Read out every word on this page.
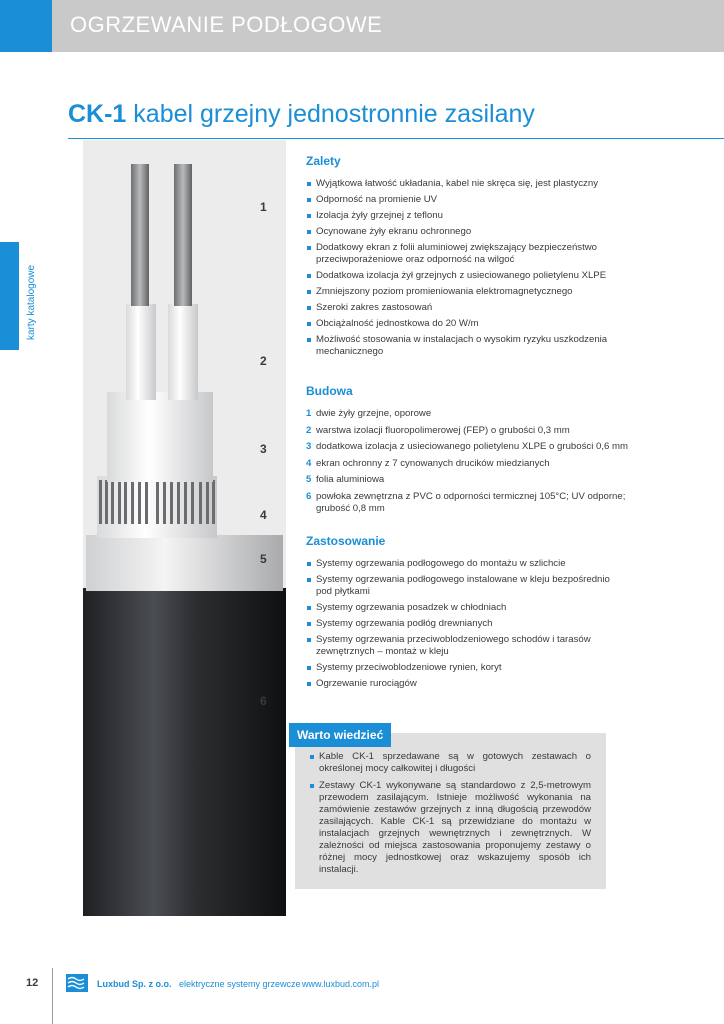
OGRZEWANIE PODŁOGOWE
CK-1 kabel grzejny jednostronnie zasilany
karty katalogowe
1
2
3
4
5
6
Zalety
Wyjątkowa łatwość układania, kabel nie skręca się, jest plastyczny
Odporność na promienie UV
Izolacja żyły grzejnej z teflonu
Ocynowane żyły ekranu ochronnego
Dodatkowy ekran z folii aluminiowej zwiększający bezpieczeństwo przeciwporażeniowe oraz odporność na wilgoć
Dodatkowa izolacja żył grzejnych z usieciowanego polietylenu XLPE
Zmniejszony poziom promieniowania elektromagnetycznego
Szeroki zakres zastosowań
Obciążalność jednostkowa do 20 W/m
Możliwość stosowania w instalacjach o wysokim ryzyku uszkodzenia mechanicznego
Budowa
1 dwie żyły grzejne, oporowe
2 warstwa izolacji fluoropolimerowej (FEP) o grubości 0,3 mm
3 dodatkowa izolacja z usieciowanego polietylenu XLPE o grubości 0,6 mm
4 ekran ochronny z 7 cynowanych drucików miedzianych
5 folia aluminiowa
6 powłoka zewnętrzna z PVC o odporności termicznej 105°C; UV odporne; grubość 0,8 mm
Zastosowanie
Systemy ogrzewania podłogowego do montażu w szlichcie
Systemy ogrzewania podłogowego instalowane w kleju bezpośrednio pod płytkami
Systemy ogrzewania posadzek w chłodniach
Systemy ogrzewania podłóg drewnianych
Systemy ogrzewania przeciwoblodzeniowego schodów i tarasów zewnętrznych – montaż w kleju
Systemy przeciwoblodzeniowe rynien, koryt
Ogrzewanie rurociągów
Kable CK-1 sprzedawane są w gotowych zestawach o określonej mocy całkowitej i długości
Zestawy CK-1 wykonywane są standardowo z 2,5-metrowym przewodem zasilającym. Istnieje możliwość wykonania na zamówienie zestawów grzejnych z inną długością przewodów zasilających. Kable CK-1 są przewidziane do montażu w instalacjach grzejnych wewnętrznych i zewnętrznych. W zależności od miejsca zastosowania proponujemy zestawy o różnej mocy jednostkowej oraz wskazujemy sposób ich instalacji.
Warto wiedzieć
12	Luxbud Sp. z o.o. elektryczne systemy grzewcze www.luxbud.com.pl
